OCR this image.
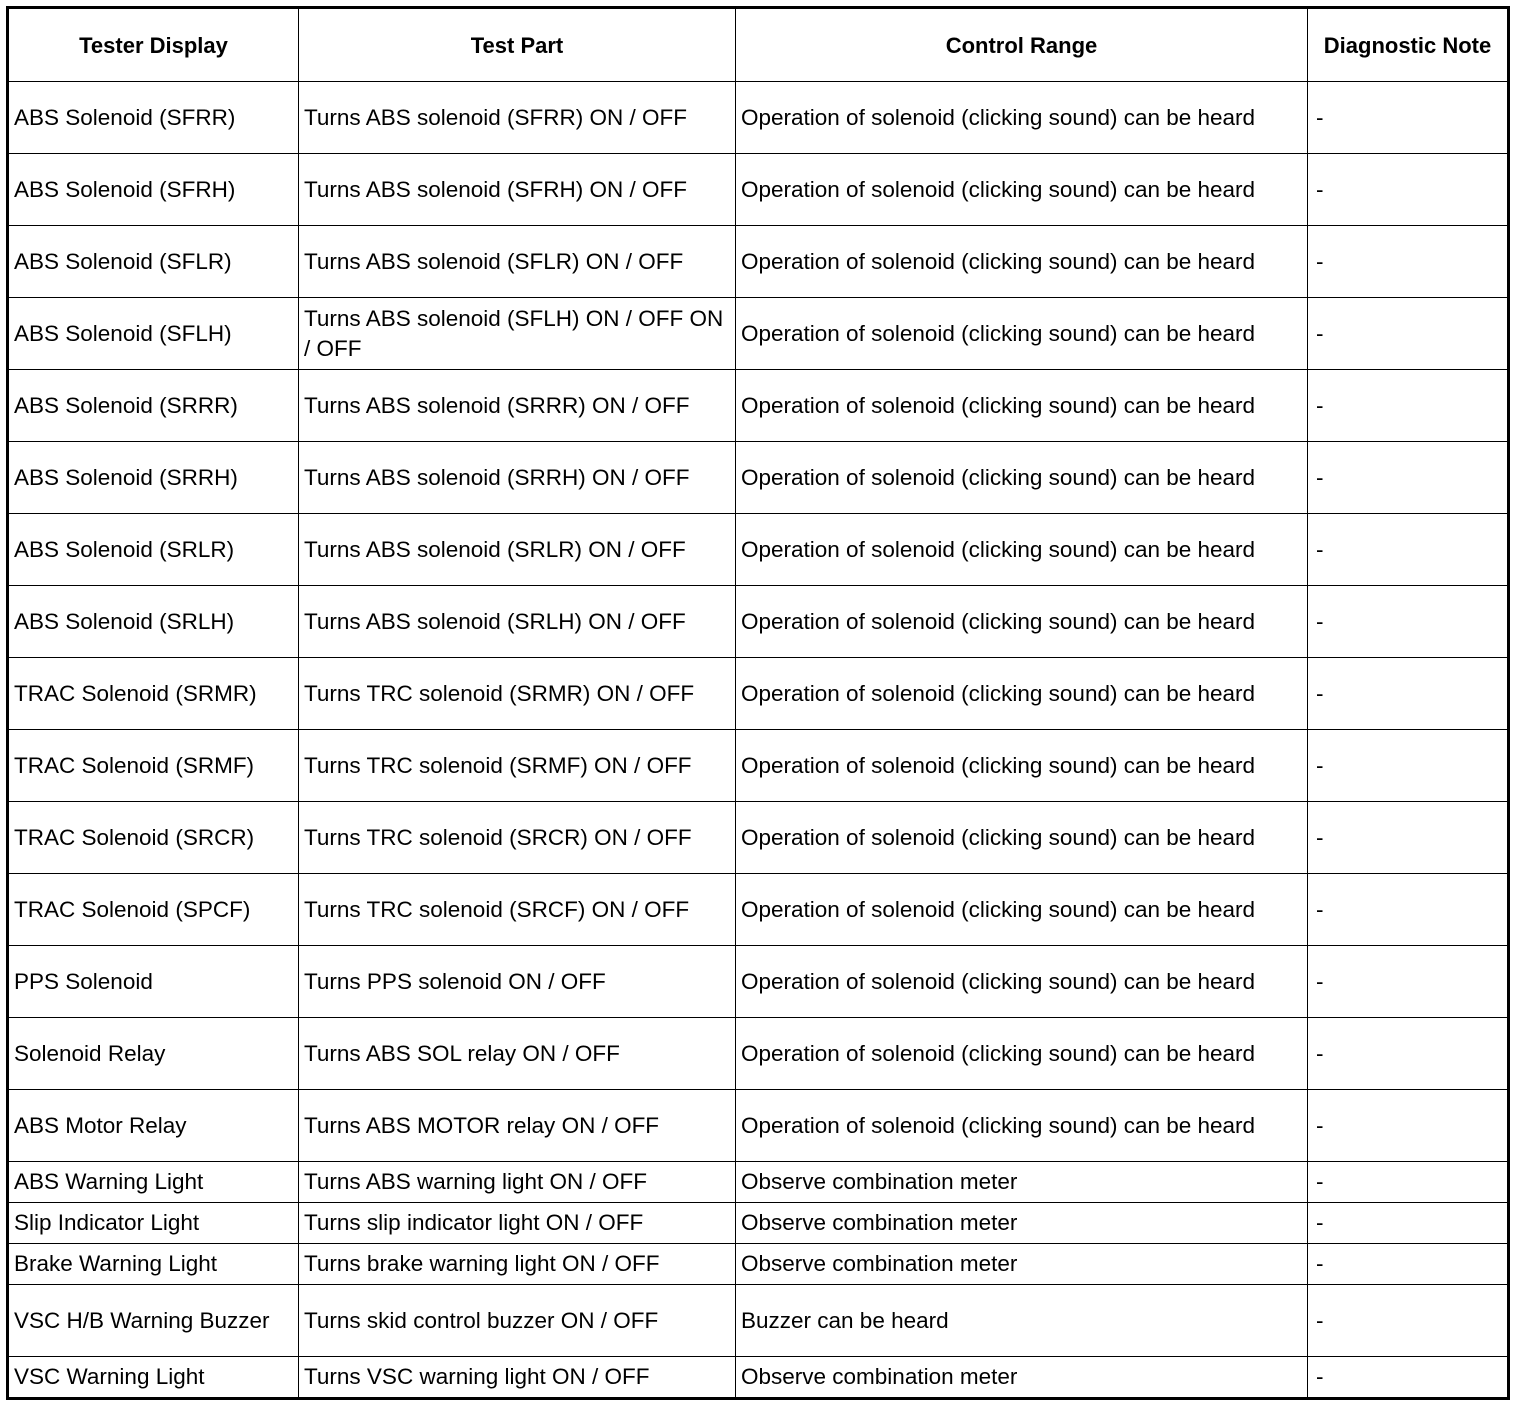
Tester Display	Test Part	Control Range	Diagnostic Note
ABS Solenoid (SFRR)	Turns ABS solenoid (SFRR) ON / OFF	Operation of solenoid (clicking sound) can be heard	-
ABS Solenoid (SFRH)	Turns ABS solenoid (SFRH) ON / OFF	Operation of solenoid (clicking sound) can be heard	-
ABS Solenoid (SFLR)	Turns ABS solenoid (SFLR) ON / OFF	Operation of solenoid (clicking sound) can be heard	-
ABS Solenoid (SFLH)	Turns ABS solenoid (SFLH) ON / OFF ON / OFF	Operation of solenoid (clicking sound) can be heard	-
ABS Solenoid (SRRR)	Turns ABS solenoid (SRRR) ON / OFF	Operation of solenoid (clicking sound) can be heard	-
ABS Solenoid (SRRH)	Turns ABS solenoid (SRRH) ON / OFF	Operation of solenoid (clicking sound) can be heard	-
ABS Solenoid (SRLR)	Turns ABS solenoid (SRLR) ON / OFF	Operation of solenoid (clicking sound) can be heard	-
ABS Solenoid (SRLH)	Turns ABS solenoid (SRLH) ON / OFF	Operation of solenoid (clicking sound) can be heard	-
TRAC Solenoid (SRMR)	Turns TRC solenoid (SRMR) ON / OFF	Operation of solenoid (clicking sound) can be heard	-
TRAC Solenoid (SRMF)	Turns TRC solenoid (SRMF) ON / OFF	Operation of solenoid (clicking sound) can be heard	-
TRAC Solenoid (SRCR)	Turns TRC solenoid (SRCR) ON / OFF	Operation of solenoid (clicking sound) can be heard	-
TRAC Solenoid (SPCF)	Turns TRC solenoid (SRCF) ON / OFF	Operation of solenoid (clicking sound) can be heard	-
PPS Solenoid	Turns PPS solenoid ON / OFF	Operation of solenoid (clicking sound) can be heard	-
Solenoid Relay	Turns ABS SOL relay ON / OFF	Operation of solenoid (clicking sound) can be heard	-
ABS Motor Relay	Turns ABS MOTOR relay ON / OFF	Operation of solenoid (clicking sound) can be heard	-
ABS Warning Light	Turns ABS warning light ON / OFF	Observe combination meter	-
Slip Indicator Light	Turns slip indicator light ON / OFF	Observe combination meter	-
Brake Warning Light	Turns brake warning light ON / OFF	Observe combination meter	-
VSC H/B Warning Buzzer	Turns skid control buzzer ON / OFF	Buzzer can be heard	-
VSC Warning Light	Turns VSC warning light ON / OFF	Observe combination meter	-
